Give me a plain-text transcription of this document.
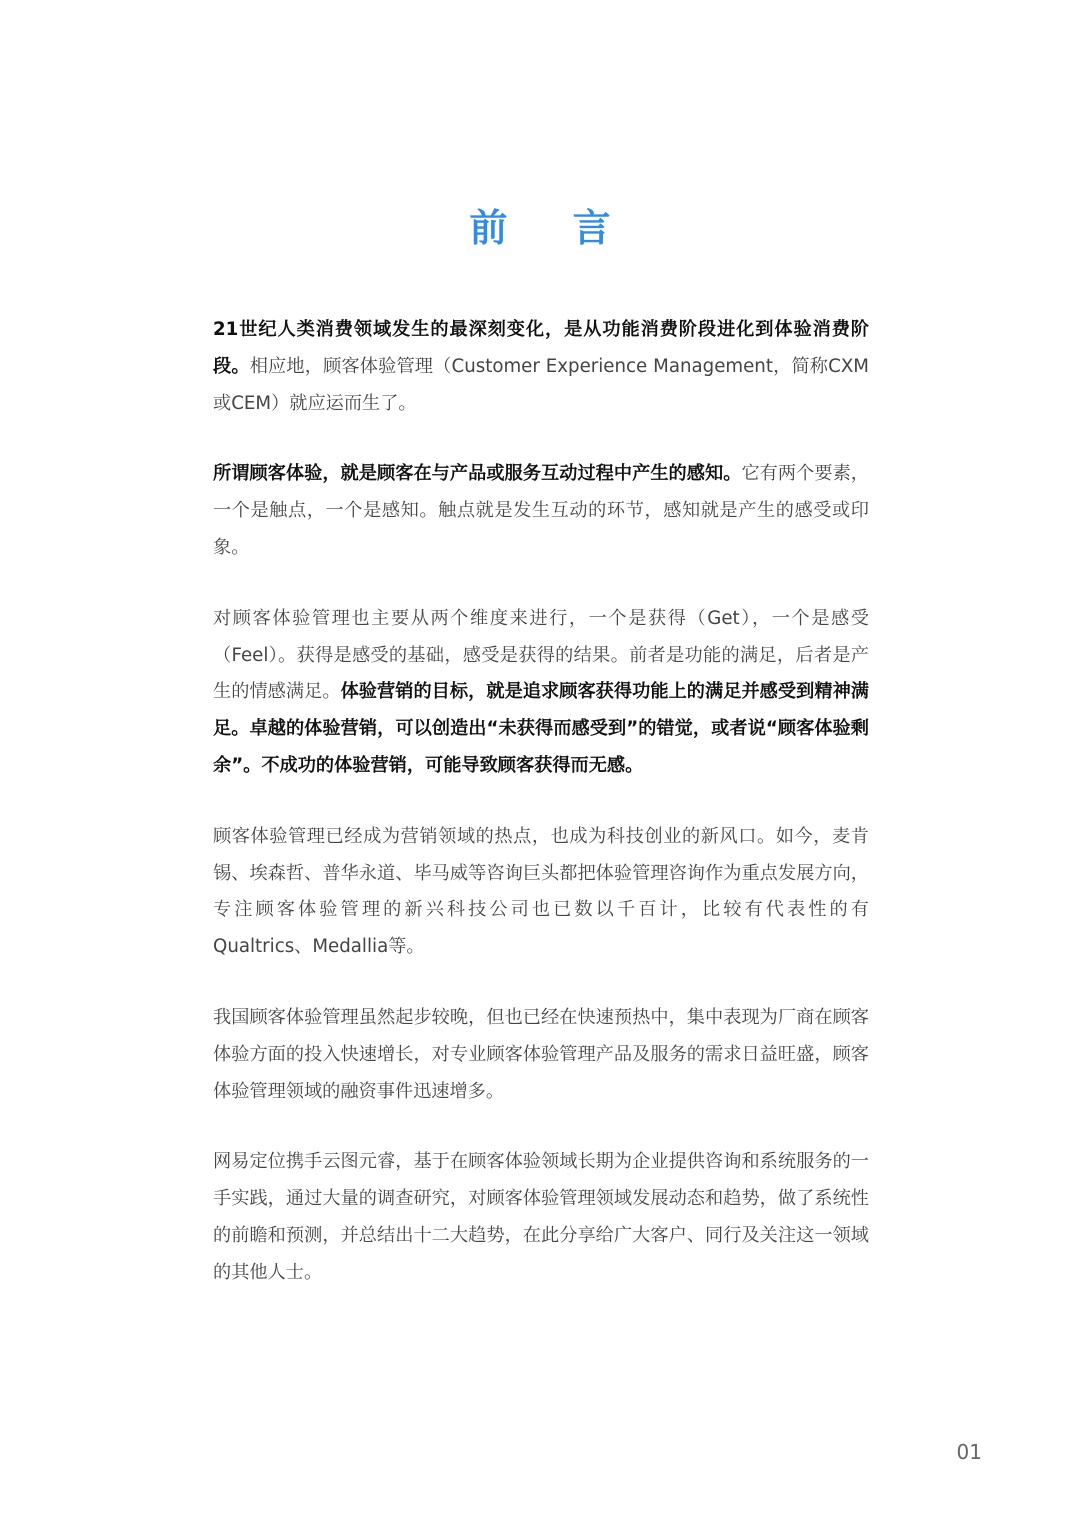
前 言

21世纪人类消费领域发生的最深刻变化，是从功能消费阶段进化到体验消费阶段。相应地，顾客体验管理（Customer Experience Management，简称CXM或CEM）就应运而生了。

所谓顾客体验，就是顾客在与产品或服务互动过程中产生的感知。它有两个要素，一个是触点，一个是感知。触点就是发生互动的环节，感知就是产生的感受或印象。

对顾客体验管理也主要从两个维度来进行，一个是获得（Get），一个是感受（Feel）。获得是感受的基础，感受是获得的结果。前者是功能的满足，后者是产生的情感满足。体验营销的目标，就是追求顾客获得功能上的满足并感受到精神满足。卓越的体验营销，可以创造出“未获得而感受到”的错觉，或者说“顾客体验剩余”。不成功的体验营销，可能导致顾客获得而无感。

顾客体验管理已经成为营销领域的热点，也成为科技创业的新风口。如今，麦肯锡、埃森哲、普华永道、毕马威等咨询巨头都把体验管理咨询作为重点发展方向，专注顾客体验管理的新兴科技公司也已数以千百计，比较有代表性的有Qualtrics、Medallia等。

我国顾客体验管理虽然起步较晚，但也已经在快速预热中，集中表现为厂商在顾客体验方面的投入快速增长，对专业顾客体验管理产品及服务的需求日益旺盛，顾客体验管理领域的融资事件迅速增多。

网易定位携手云图元睿，基于在顾客体验领域长期为企业提供咨询和系统服务的一手实践，通过大量的调查研究，对顾客体验管理领域发展动态和趋势，做了系统性的前瞻和预测，并总结出十二大趋势，在此分享给广大客户、同行及关注这一领域的其他人士。

01
